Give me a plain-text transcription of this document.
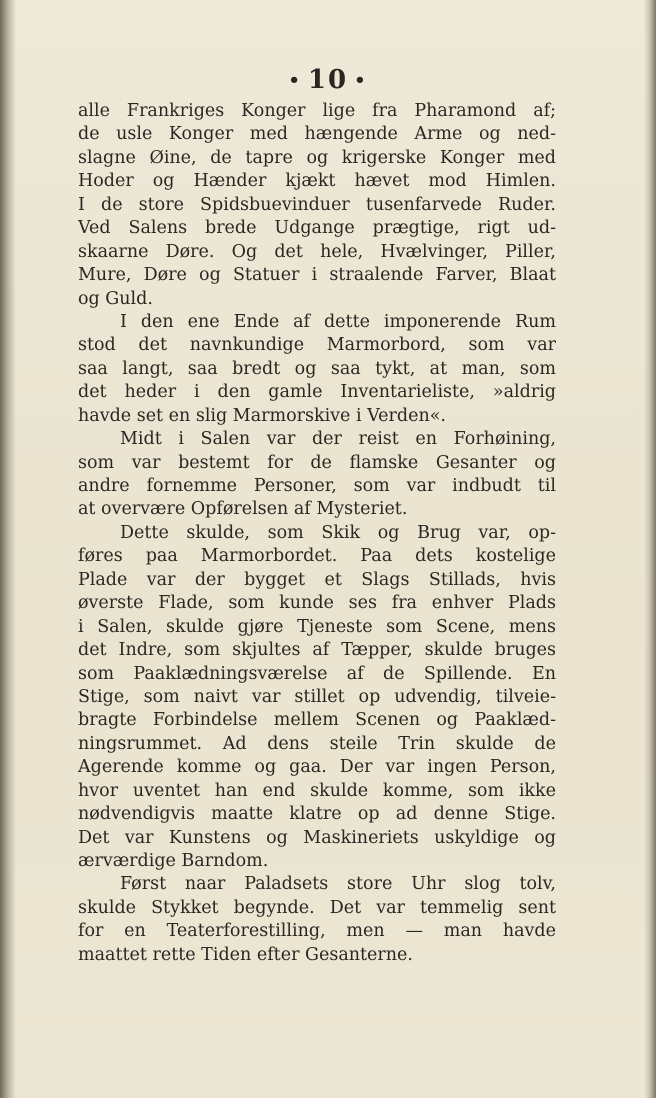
• 10 •
alle Frankriges Konger lige fra Pharamond af;
de usle Konger med hængende Arme og ned-
slagne Øine, de tapre og krigerske Konger med
Hoder og Hænder kjækt hævet mod Himlen.
I de store Spidsbuevinduer tusenfarvede Ruder.
Ved Salens brede Udgange prægtige, rigt ud-
skaarne Døre. Og det hele, Hvælvinger, Piller,
Mure, Døre og Statuer i straalende Farver, Blaat
og Guld.
I den ene Ende af dette imponerende Rum
stod det navnkundige Marmorbord, som var
saa langt, saa bredt og saa tykt, at man, som
det heder i den gamle Inventarieliste, »aldrig
havde set en slig Marmorskive i Verden«.
Midt i Salen var der reist en Forhøining,
som var bestemt for de flamske Gesanter og
andre fornemme Personer, som var indbudt til
at overvære Opførelsen af Mysteriet.
Dette skulde, som Skik og Brug var, op-
føres paa Marmorbordet. Paa dets kostelige
Plade var der bygget et Slags Stillads, hvis
øverste Flade, som kunde ses fra enhver Plads
i Salen, skulde gjøre Tjeneste som Scene, mens
det Indre, som skjultes af Tæpper, skulde bruges
som Paaklædningsværelse af de Spillende. En
Stige, som naivt var stillet op udvendig, tilveie-
bragte Forbindelse mellem Scenen og Paaklæd-
ningsrummet. Ad dens steile Trin skulde de
Agerende komme og gaa. Der var ingen Person,
hvor uventet han end skulde komme, som ikke
nødvendigvis maatte klatre op ad denne Stige.
Det var Kunstens og Maskineriets uskyldige og
ærværdige Barndom.
Først naar Paladsets store Uhr slog tolv,
skulde Stykket begynde. Det var temmelig sent
for en Teaterforestilling, men — man havde
maattet rette Tiden efter Gesanterne.
